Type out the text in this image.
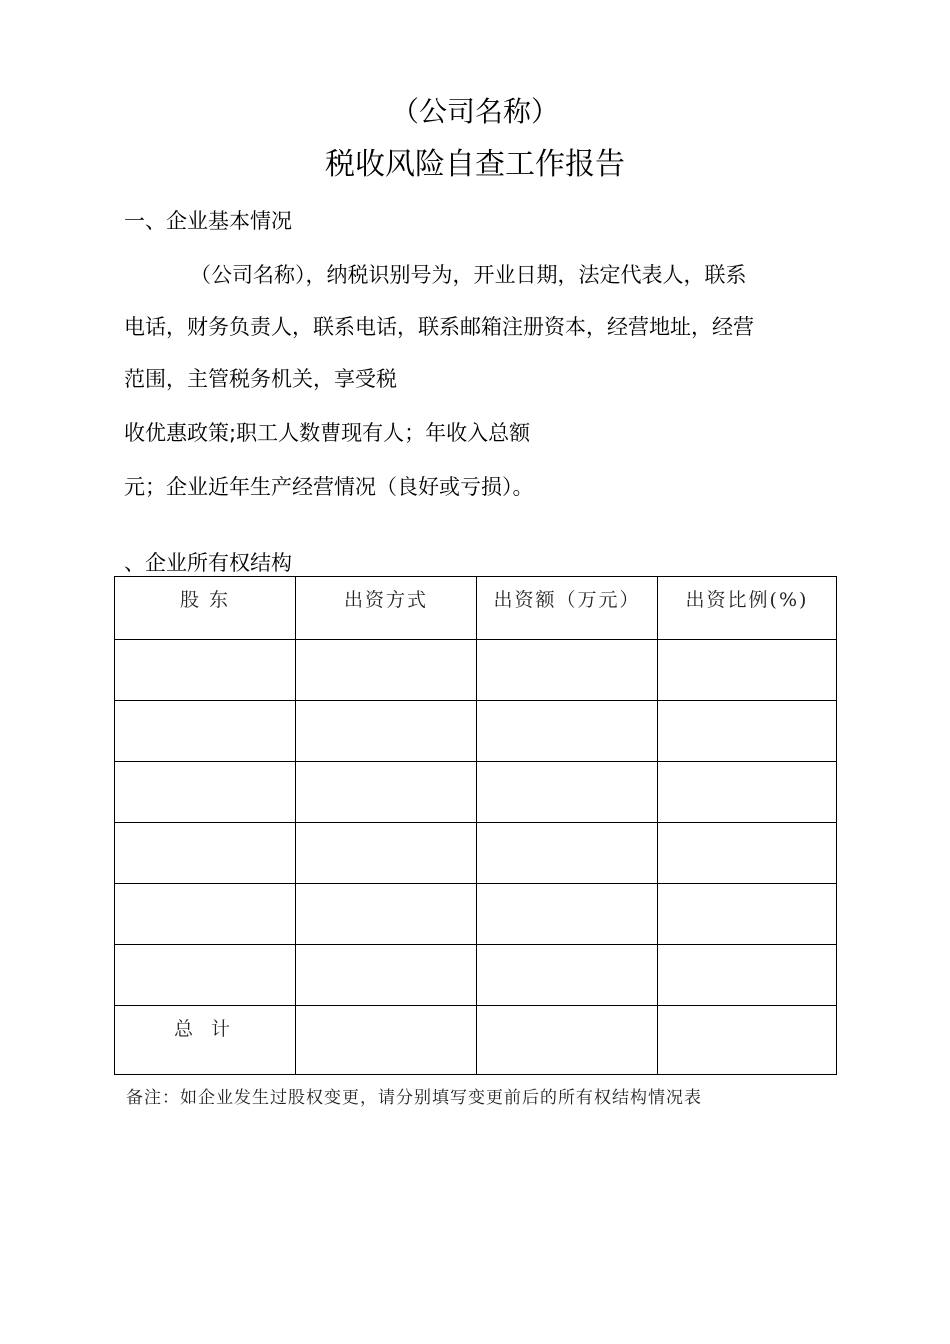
（公司名称）
税收风险自查工作报告
一、企业基本情况
（公司名称），纳税识别号为，开业日期，法定代表人，联系
电话，财务负责人，联系电话，联系邮箱注册资本，经营地址，经营
范围，主管税务机关，享受税
收优惠政策;职工人数曹现有人；年收入总额
元；企业近年生产经营情况（良好或亏损）。
、企业所有权结构
股 东	出资方式	出资额（万元）	出资比例(%)

总 计			
备注：如企业发生过股权变更，请分别填写变更前后的所有权结构情况表
